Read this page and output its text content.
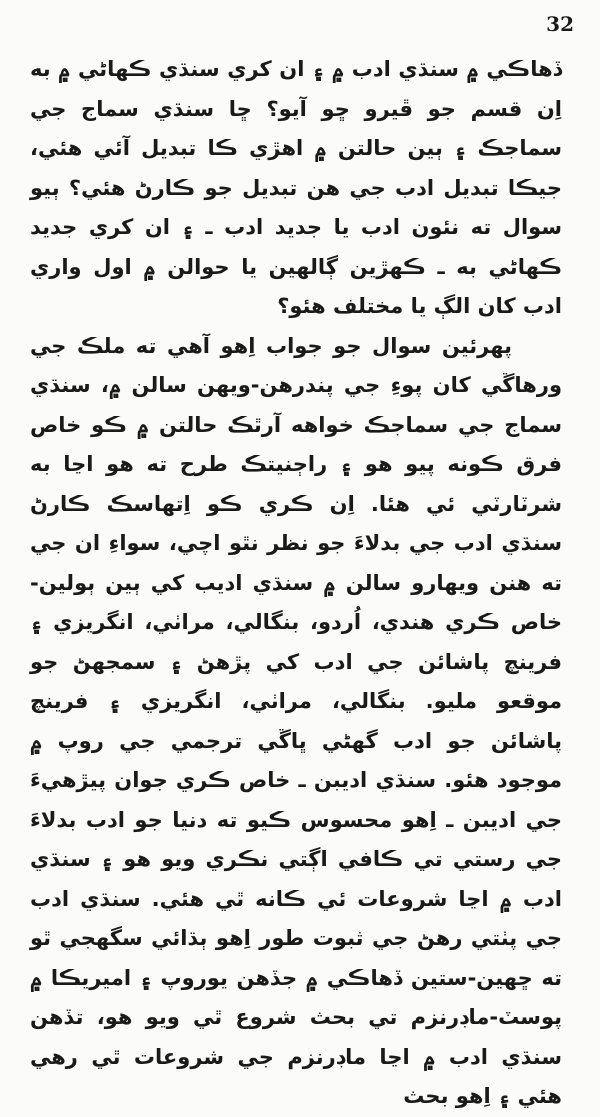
32

ڏهاڪي ۾ سنڌي ادب ۾ ۽ ان کري سنڌي ڪهاڻي ۾ به اِن قسم جو ڦيرو ڇو آيو؟ ڇا سنڌي سماج جي سماجڪ ۽ ٻين حالتن ۾ اهڙي ڪا تبديل آئي هئي، جيڪا تبديل ادب جي هن تبديل جو ڪارڻ هئي؟ ٻيو سوال ته نئون ادب يا جديد ادب ـ ۽ ان کري جديد ڪهاڻي به ـ ڪهڙين ڳالهين يا حوالن ۾ اول واري ادب کان الڳ يا مختلف هئو؟

پهرئين سوال جو جواب اِهو آهي ته ملڪ جي ورهاڱي کان پوءِ جي پندرهن-ويهن سالن ۾، سنڌي سماج جي سماجڪ خواهه آرٿڪ حالتن ۾ ڪو خاص فرق ڪونه پيو هو ۽ راڄنيتڪ طرح ته هو اڃا به شرٽارٽي ئي هئا. اِن ڪري ڪو اِتهاسڪ ڪارڻ سنڌي ادب جي بدلاءَ جو نظر نٿو اچي، سواءِ ان جي ته هنن ويهارو سالن ۾ سنڌي اديب کي ٻين ٻولين- خاص ڪري هندي، اُردو، بنگالي، مراٺي، انگريزي ۽ فرينچ پاشائن جي ادب کي پڙهڻ ۽ سمجهڻ جو موقعو مليو. بنگالي، مراٺي، انگريزي ۽ فرينچ پاشائن جو ادب گهڻي ڀاڱي ترجمي جي روپ ۾ موجود هئو. سنڌي اديبن ـ خاص ڪري جوان پيڙهيءَ جي اديبن ـ اِهو محسوس ڪيو ته دنيا جو ادب بدلاءَ جي رستي تي ڪافي اڳتي نڪري ويو هو ۽ سنڌي ادب ۾ اڃا شروعات ئي ڪانه ٿي هئي. سنڌي ادب جي پٺتي رهڻ جي ثبوت طور اِهو ٻڌائي سگهجي ٿو ته ڇهين-ستين ڏهاڪي ۾ جڏهن يوروپ ۽ اميريڪا ۾ پوسٽ-ماڊرنزم تي بحث شروع ٿي ويو هو، تڏهن سنڌي ادب ۾ اڃا ماڊرنزم جي شروعات ٿي رهي هئي ۽ اِهو بحث
